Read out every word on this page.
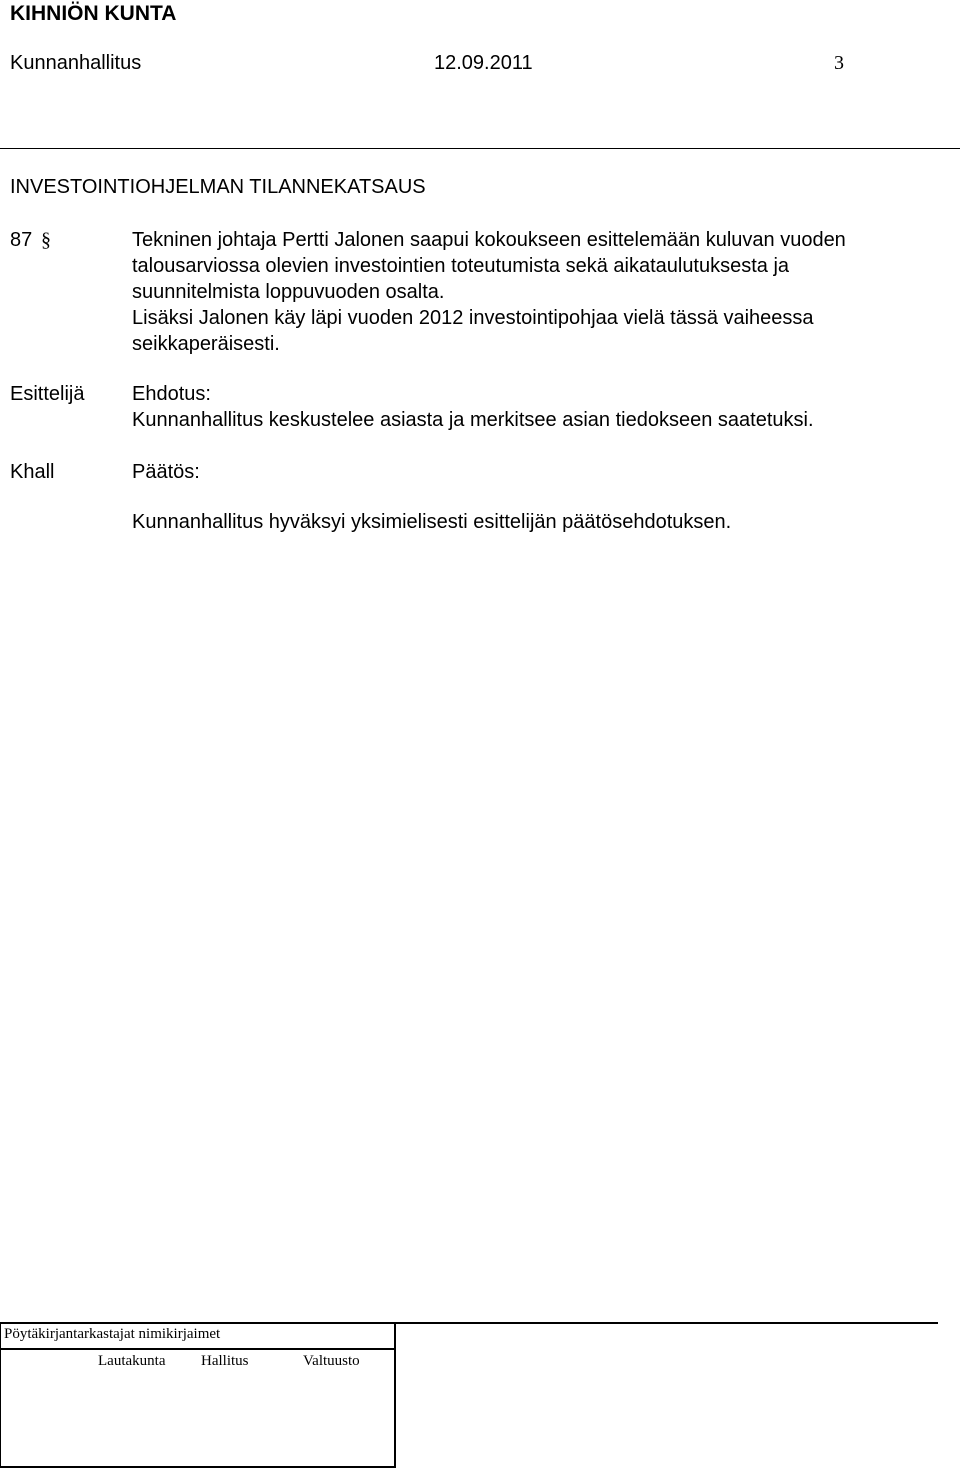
KIHNIÖN KUNTA
Kunnanhallitus	12.09.2011	3
INVESTOINTIOHJELMAN TILANNEKATSAUS
87 §	Tekninen johtaja Pertti Jalonen saapui kokoukseen esittelemään kuluvan vuoden
talousarviossa olevien investointien toteutumista sekä aikataulutuksesta ja
suunnitelmista loppuvuoden osalta.
Lisäksi Jalonen käy läpi vuoden 2012 investointipohjaa vielä tässä vaiheessa
seikkaperäisesti.
Esittelijä Ehdotus:
Kunnanhallitus keskustelee asiasta ja merkitsee asian tiedokseen saatetuksi.
Khall	Päätös:
Kunnanhallitus hyväksyi yksimielisesti esittelijän päätösehdotuksen.
Pöytäkirjantarkastajat nimikirjaimet
Lautakunta Hallitus	Valtuusto
